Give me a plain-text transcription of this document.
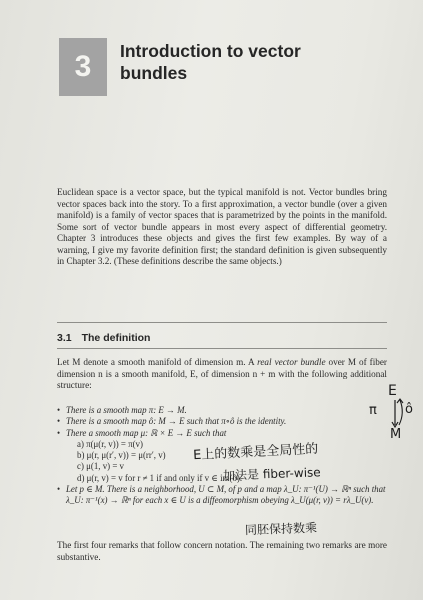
3 Introduction to vector bundles

Euclidean space is a vector space, but the typical manifold is not. Vector bundles bring vector spaces back into the story. To a first approximation, a vector bundle (over a given manifold) is a family of vector spaces that is parametrized by the points in the manifold. Some sort of vector bundle appears in most every aspect of differential geometry. Chapter 3 introduces these objects and gives the first few examples. By way of a warning, I give my favorite definition first; the standard definition is given subsequently in Chapter 3.2. (These definitions describe the same objects.)

3.1 The definition

Let M denote a smooth manifold of dimension m. A real vector bundle over M of fiber dimension n is a smooth manifold, E, of dimension n + m with the following additional structure:

• There is a smooth map π: E → M.
• There is a smooth map ô: M → E such that π∘ô is the identity.
• There a smooth map μ: ℝ × E → E such that
a) π(μ(r, v)) = π(v)
b) μ(r, μ(r′, v)) = μ(rr′, v)
c) μ(1, v) = v
d) μ(r, v) = v for r ≠ 1 if and only if v ∈ im(ô).
• Let p ∈ M. There is a neighborhood, U ⊂ M, of p and a map λ_U: π⁻¹(U) → ℝⁿ such that λ_U: π⁻¹(x) → ℝⁿ for each x ∈ U is a diffeomorphism obeying λ_U(μ(r, v)) = rλ_U(v).

The first four remarks that follow concern notation. The remaining two remarks are more substantive.

E上的数乘是全局性的
加法是 fiber-wise
同胚保持数乘
E
π ô
M
